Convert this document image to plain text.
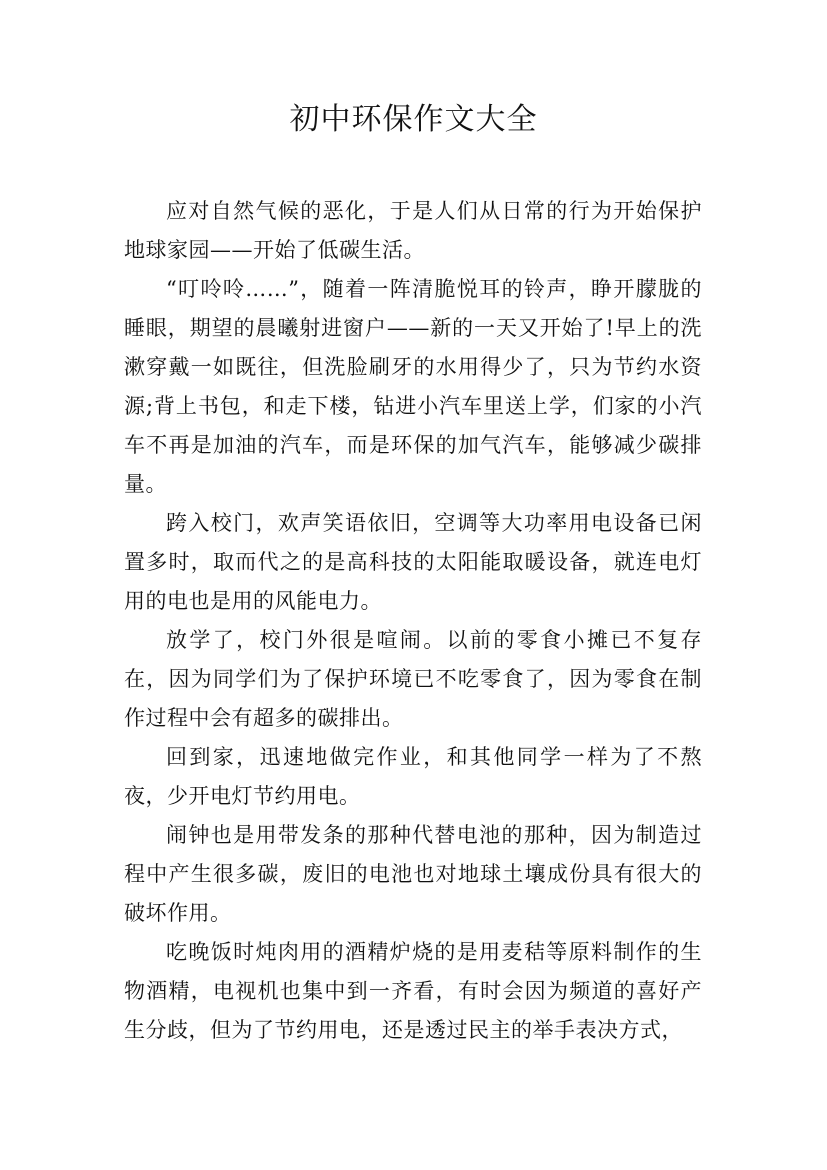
初中环保作文大全

应对自然气候的恶化，于是人们从日常的行为开始保护地球家园——开始了低碳生活。

“叮呤呤……”，随着一阵清脆悦耳的铃声，睁开朦胧的睡眼，期望的晨曦射进窗户——新的一天又开始了!早上的洗漱穿戴一如既往，但洗脸刷牙的水用得少了，只为节约水资源;背上书包，和走下楼，钻进小汽车里送上学，们家的小汽车不再是加油的汽车，而是环保的加气汽车，能够减少碳排量。

跨入校门，欢声笑语依旧，空调等大功率用电设备已闲置多时，取而代之的是高科技的太阳能取暖设备，就连电灯用的电也是用的风能电力。

放学了，校门外很是喧闹。以前的零食小摊已不复存在，因为同学们为了保护环境已不吃零食了，因为零食在制作过程中会有超多的碳排出。

回到家，迅速地做完作业，和其他同学一样为了不熬夜，少开电灯节约用电。

闹钟也是用带发条的那种代替电池的那种，因为制造过程中产生很多碳，废旧的电池也对地球土壤成份具有很大的破坏作用。

吃晚饭时炖肉用的酒精炉烧的是用麦秸等原料制作的生物酒精，电视机也集中到一齐看，有时会因为频道的喜好产生分歧，但为了节约用电，还是透过民主的举手表决方式，
